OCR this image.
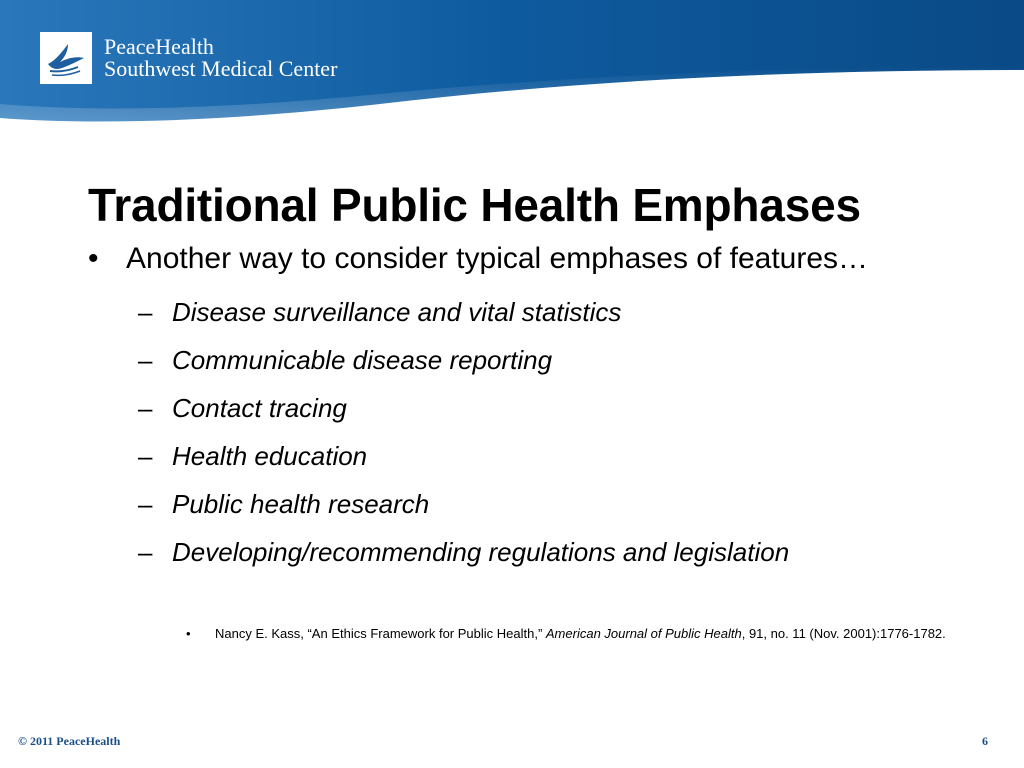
PeaceHealth
Southwest Medical Center
Traditional Public Health Emphases
• Another way to consider typical emphases of features…
– Disease surveillance and vital statistics
– Communicable disease reporting
– Contact tracing
– Health education
– Public health research
– Developing/recommending regulations and legislation
• Nancy E. Kass, “An Ethics Framework for Public Health,” American Journal of Public Health, 91, no. 11 (Nov. 2001):1776-1782.
© 2011 PeaceHealth	6
